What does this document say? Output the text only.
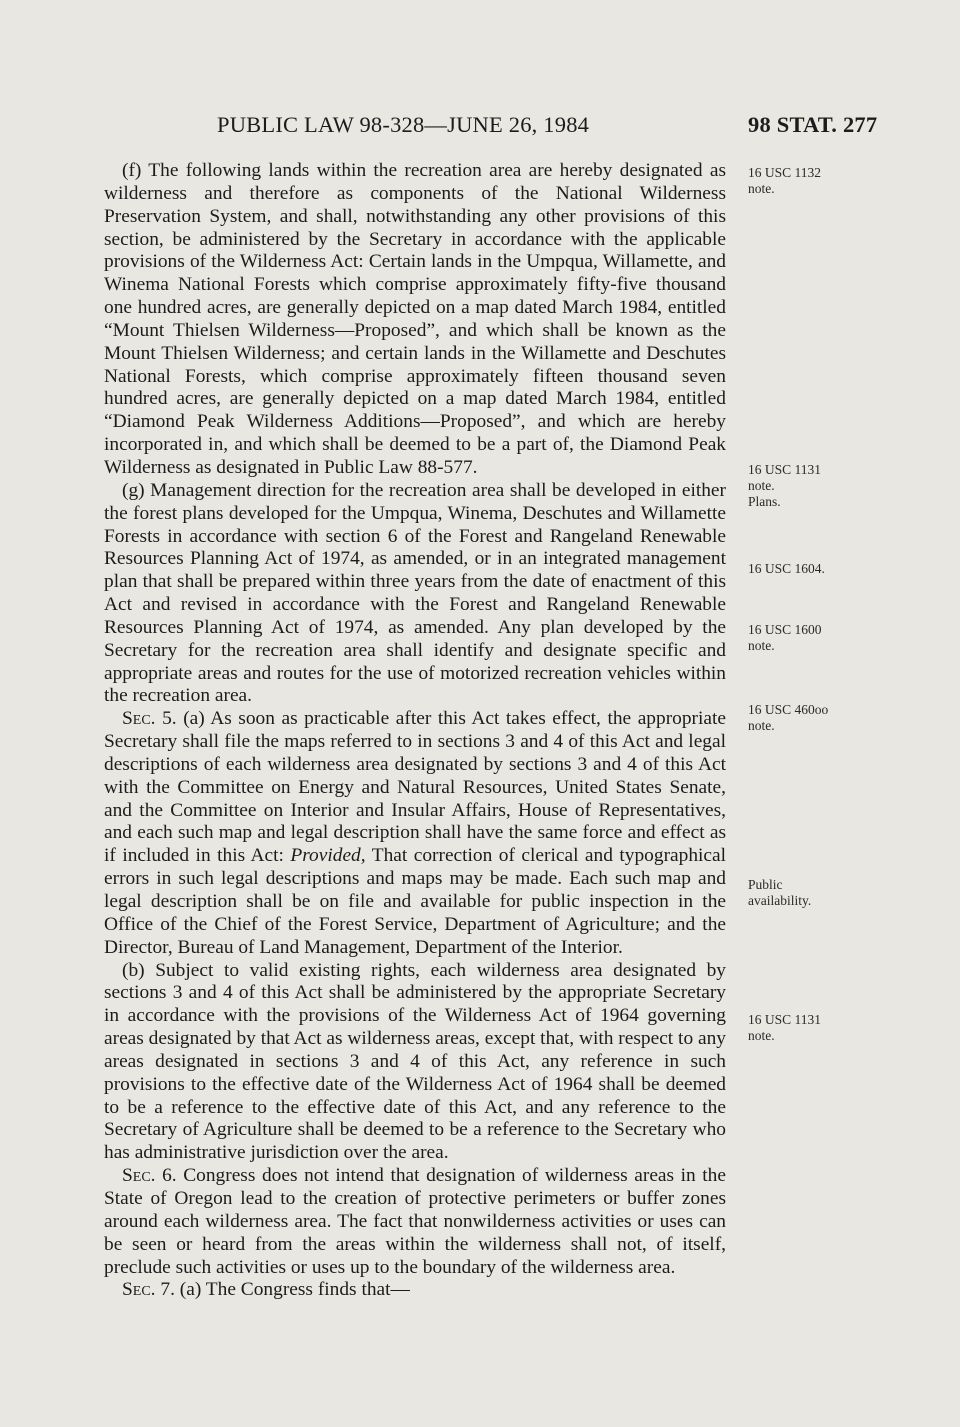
PUBLIC LAW 98-328—JUNE 26, 1984	98 STAT. 277

(f) The following lands within the recreation area are hereby designated as wilderness and therefore as components of the National Wilderness Preservation System, and shall, notwithstanding any other provisions of this section, be administered by the Secretary in accordance with the applicable provisions of the Wilderness Act: Certain lands in the Umpqua, Willamette, and Winema National Forests which comprise approximately fifty-five thousand one hundred acres, are generally depicted on a map dated March 1984, entitled “Mount Thielsen Wilderness—Proposed”, and which shall be known as the Mount Thielsen Wilderness; and certain lands in the Willamette and Deschutes National Forests, which comprise approximately fifteen thousand seven hundred acres, are generally depicted on a map dated March 1984, entitled “Diamond Peak Wilderness Additions—Proposed”, and which are hereby incorporated in, and which shall be deemed to be a part of, the Diamond Peak Wilderness as designated in Public Law 88-577.

(g) Management direction for the recreation area shall be developed in either the forest plans developed for the Umpqua, Winema, Deschutes and Willamette Forests in accordance with section 6 of the Forest and Rangeland Renewable Resources Planning Act of 1974, as amended, or in an integrated management plan that shall be prepared within three years from the date of enactment of this Act and revised in accordance with the Forest and Rangeland Renewable Resources Planning Act of 1974, as amended. Any plan developed by the Secretary for the recreation area shall identify and designate specific and appropriate areas and routes for the use of motorized recreation vehicles within the recreation area.

Sec. 5. (a) As soon as practicable after this Act takes effect, the appropriate Secretary shall file the maps referred to in sections 3 and 4 of this Act and legal descriptions of each wilderness area designated by sections 3 and 4 of this Act with the Committee on Energy and Natural Resources, United States Senate, and the Committee on Interior and Insular Affairs, House of Representatives, and each such map and legal description shall have the same force and effect as if included in this Act: Provided, That correction of clerical and typographical errors in such legal descriptions and maps may be made. Each such map and legal description shall be on file and available for public inspection in the Office of the Chief of the Forest Service, Department of Agriculture; and the Director, Bureau of Land Management, Department of the Interior.

(b) Subject to valid existing rights, each wilderness area designated by sections 3 and 4 of this Act shall be administered by the appropriate Secretary in accordance with the provisions of the Wilderness Act of 1964 governing areas designated by that Act as wilderness areas, except that, with respect to any areas designated in sections 3 and 4 of this Act, any reference in such provisions to the effective date of the Wilderness Act of 1964 shall be deemed to be a reference to the effective date of this Act, and any reference to the Secretary of Agriculture shall be deemed to be a reference to the Secretary who has administrative jurisdiction over the area.

Sec. 6. Congress does not intend that designation of wilderness areas in the State of Oregon lead to the creation of protective perimeters or buffer zones around each wilderness area. The fact that nonwilderness activities or uses can be seen or heard from the areas within the wilderness shall not, of itself, preclude such activities or uses up to the boundary of the wilderness area.

Sec. 7. (a) The Congress finds that—

16 USC 1132
note.
16 USC 1131
note.
Plans.
16 USC 1604.
16 USC 1600
note.
16 USC 460oo
note.
Public
availability.
16 USC 1131
note.
